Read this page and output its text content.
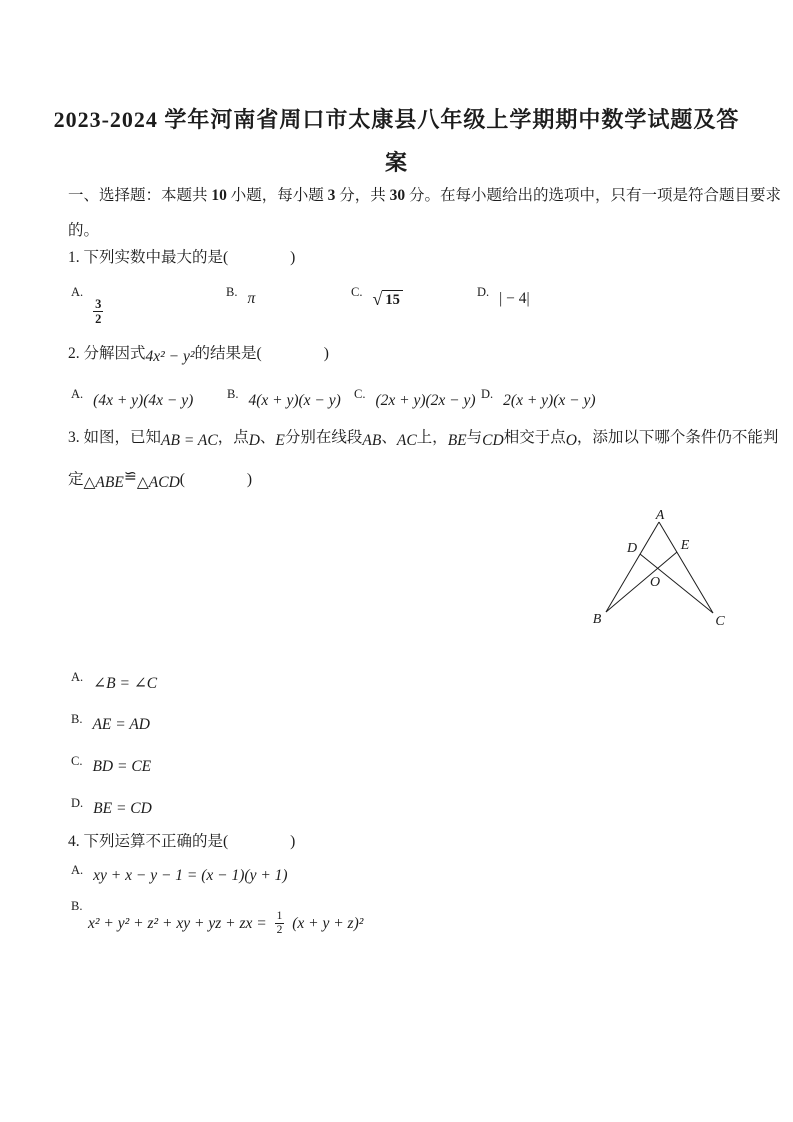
2023-2024 学年河南省周口市太康县八年级上学期期中数学试题及答
案
一、选择题：本题共 10 小题，每小题 3 分，共 30 分。在每小题给出的选项中，只有一项是符合题目要求
的。
1. 下列实数中最大的是(　　　　)
A.
$\frac{3}{2}$
B. π	C. √ 15	D. | − 4|
2. 分解因式4x² − y²的结果是(　　　　)
A. (4x + y)(4x − y)	B. 4(x + y)(x − y) C. (2x + y)(2x − y) D. 2(x + y)(x − y)
3. 如图，已知AB = AC，点D、E分别在线段AB、AC上，BE与CD相交于点O，添加以下哪个条件仍不能判
定△ABE≌△ACD(　　　　)
A
B	C
D	E
O
A. ∠B = ∠C
B. AE = AD
C. BD = CE
D. BE = CD
4. 下列运算不正确的是(　　　　)
A. xy + x − y − 1 = (x − 1)(y + 1)
B.
x² + y² + z² + xy + yz + zx = $\frac{1}{2} (x + y + z)^2$
